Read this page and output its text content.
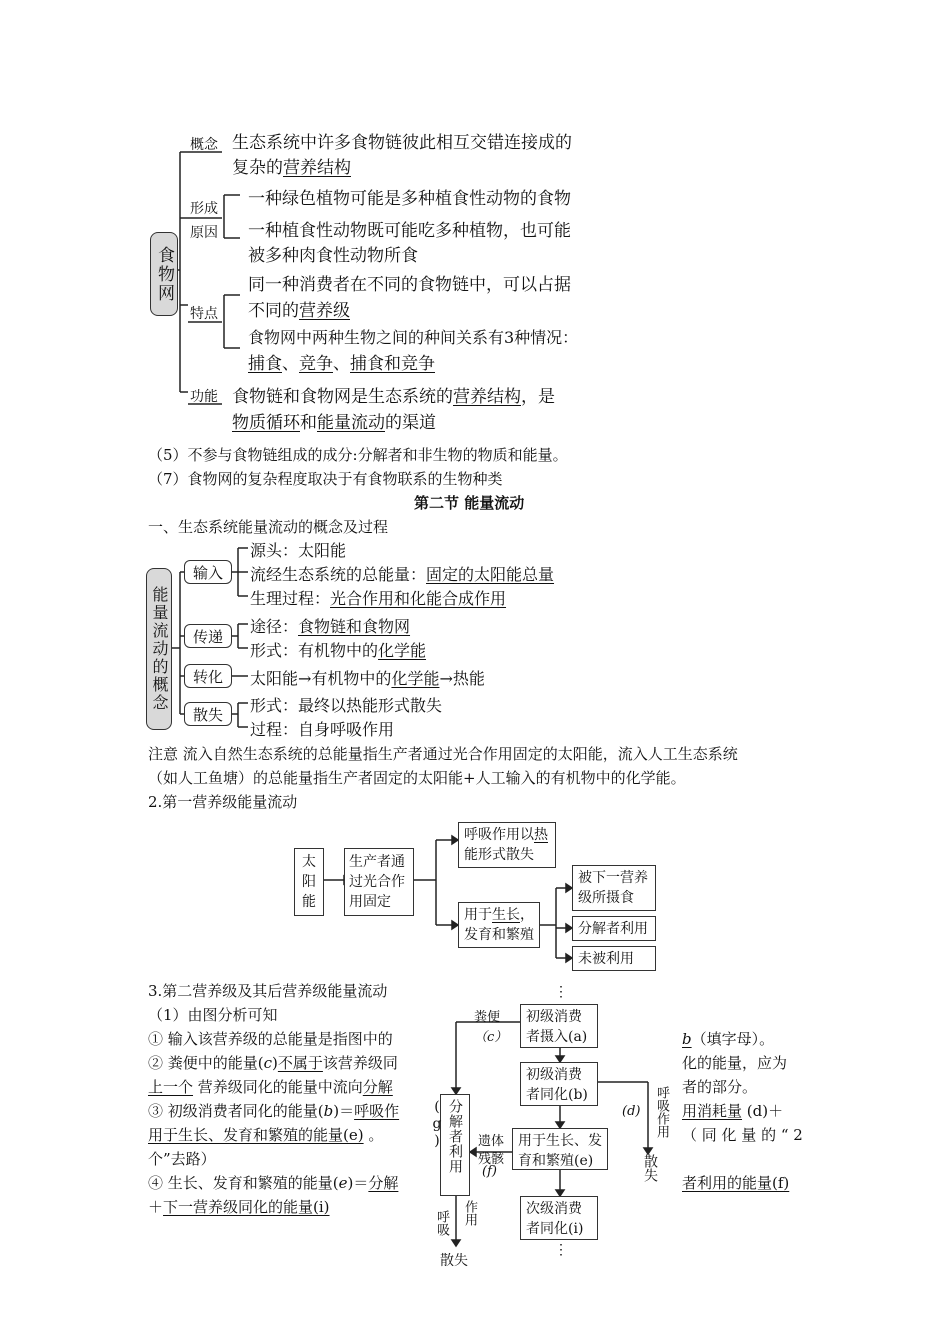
食物网
概念 生态系统中许多食物链彼此相互交错连接成的
复杂的营养结构
形成
原因
一种绿色植物可能是多种植食性动物的食物
一种植食性动物既可能吃多种植物，也可能
被多种肉食性动物所食
特点
同一种消费者在不同的食物链中，可以占据
不同的营养级
食物网中两种生物之间的种间关系有3种情况：
捕食、竞争、捕食和竞争
功能 食物链和食物网是生态系统的营养结构，是
物质循环和能量流动的渠道
（5）不参与食物链组成的成分:分解者和非生物的物质和能量。
（7）食物网的复杂程度取决于有食物联系的生物种类
第二节 能量流动
一、生态系统能量流动的概念及过程
能量流动的概念
输入
源头：太阳能
流经生态系统的总能量：固定的太阳能总量
生理过程：光合作用和化能合成作用
传递
途径：食物链和食物网
形式：有机物中的化学能
转化	太阳能→有机物中的化学能→热能
散失	形式：最终以热能形式散失
过程：自身呼吸作用
注意 流入自然生态系统的总能量指生产者通过光合作用固定的太阳能，流入人工生态系统
（如人工鱼塘）的总能量指生产者固定的太阳能+人工输入的有机物中的化学能。
2.第一营养级能量流动
太阳能
生产者通过光合作用固定
呼吸作用以热
能形式散失
用于生长，
发育和繁殖
被下一营养
级所摄食
分解者利用
未被利用
3.第二营养级及其后营养级能量流动
（1）由图分析可知
① 输入该营养级的总能量是指图中的	b（填字母）。
② 粪便中的能量(c)不属于该营养级同	化的能量，应为
上一个 营养级同化的能量中流向分解	者的部分。
③ 初级消费者同化的能量(b)＝呼吸作	用消耗量 (d)＋
用于生长、发育和繁殖的能量(e) 。	（ 同 化 量 的 “ 2
个”去路）
④ 生长、发育和繁殖的能量(e)＝分解	者利用的能量(f)
＋下一营养级同化的能量(i)
⋮
粪便
（c）
初级消费者摄入(a)
初级消费者同化(b)
用于生长、发
育和繁殖(e)
次级消费者同化(i)
⋮
分解者利用(g)	遗体
残骸
(f)
(d) 呼吸作用
散失
呼吸 作用
散失
